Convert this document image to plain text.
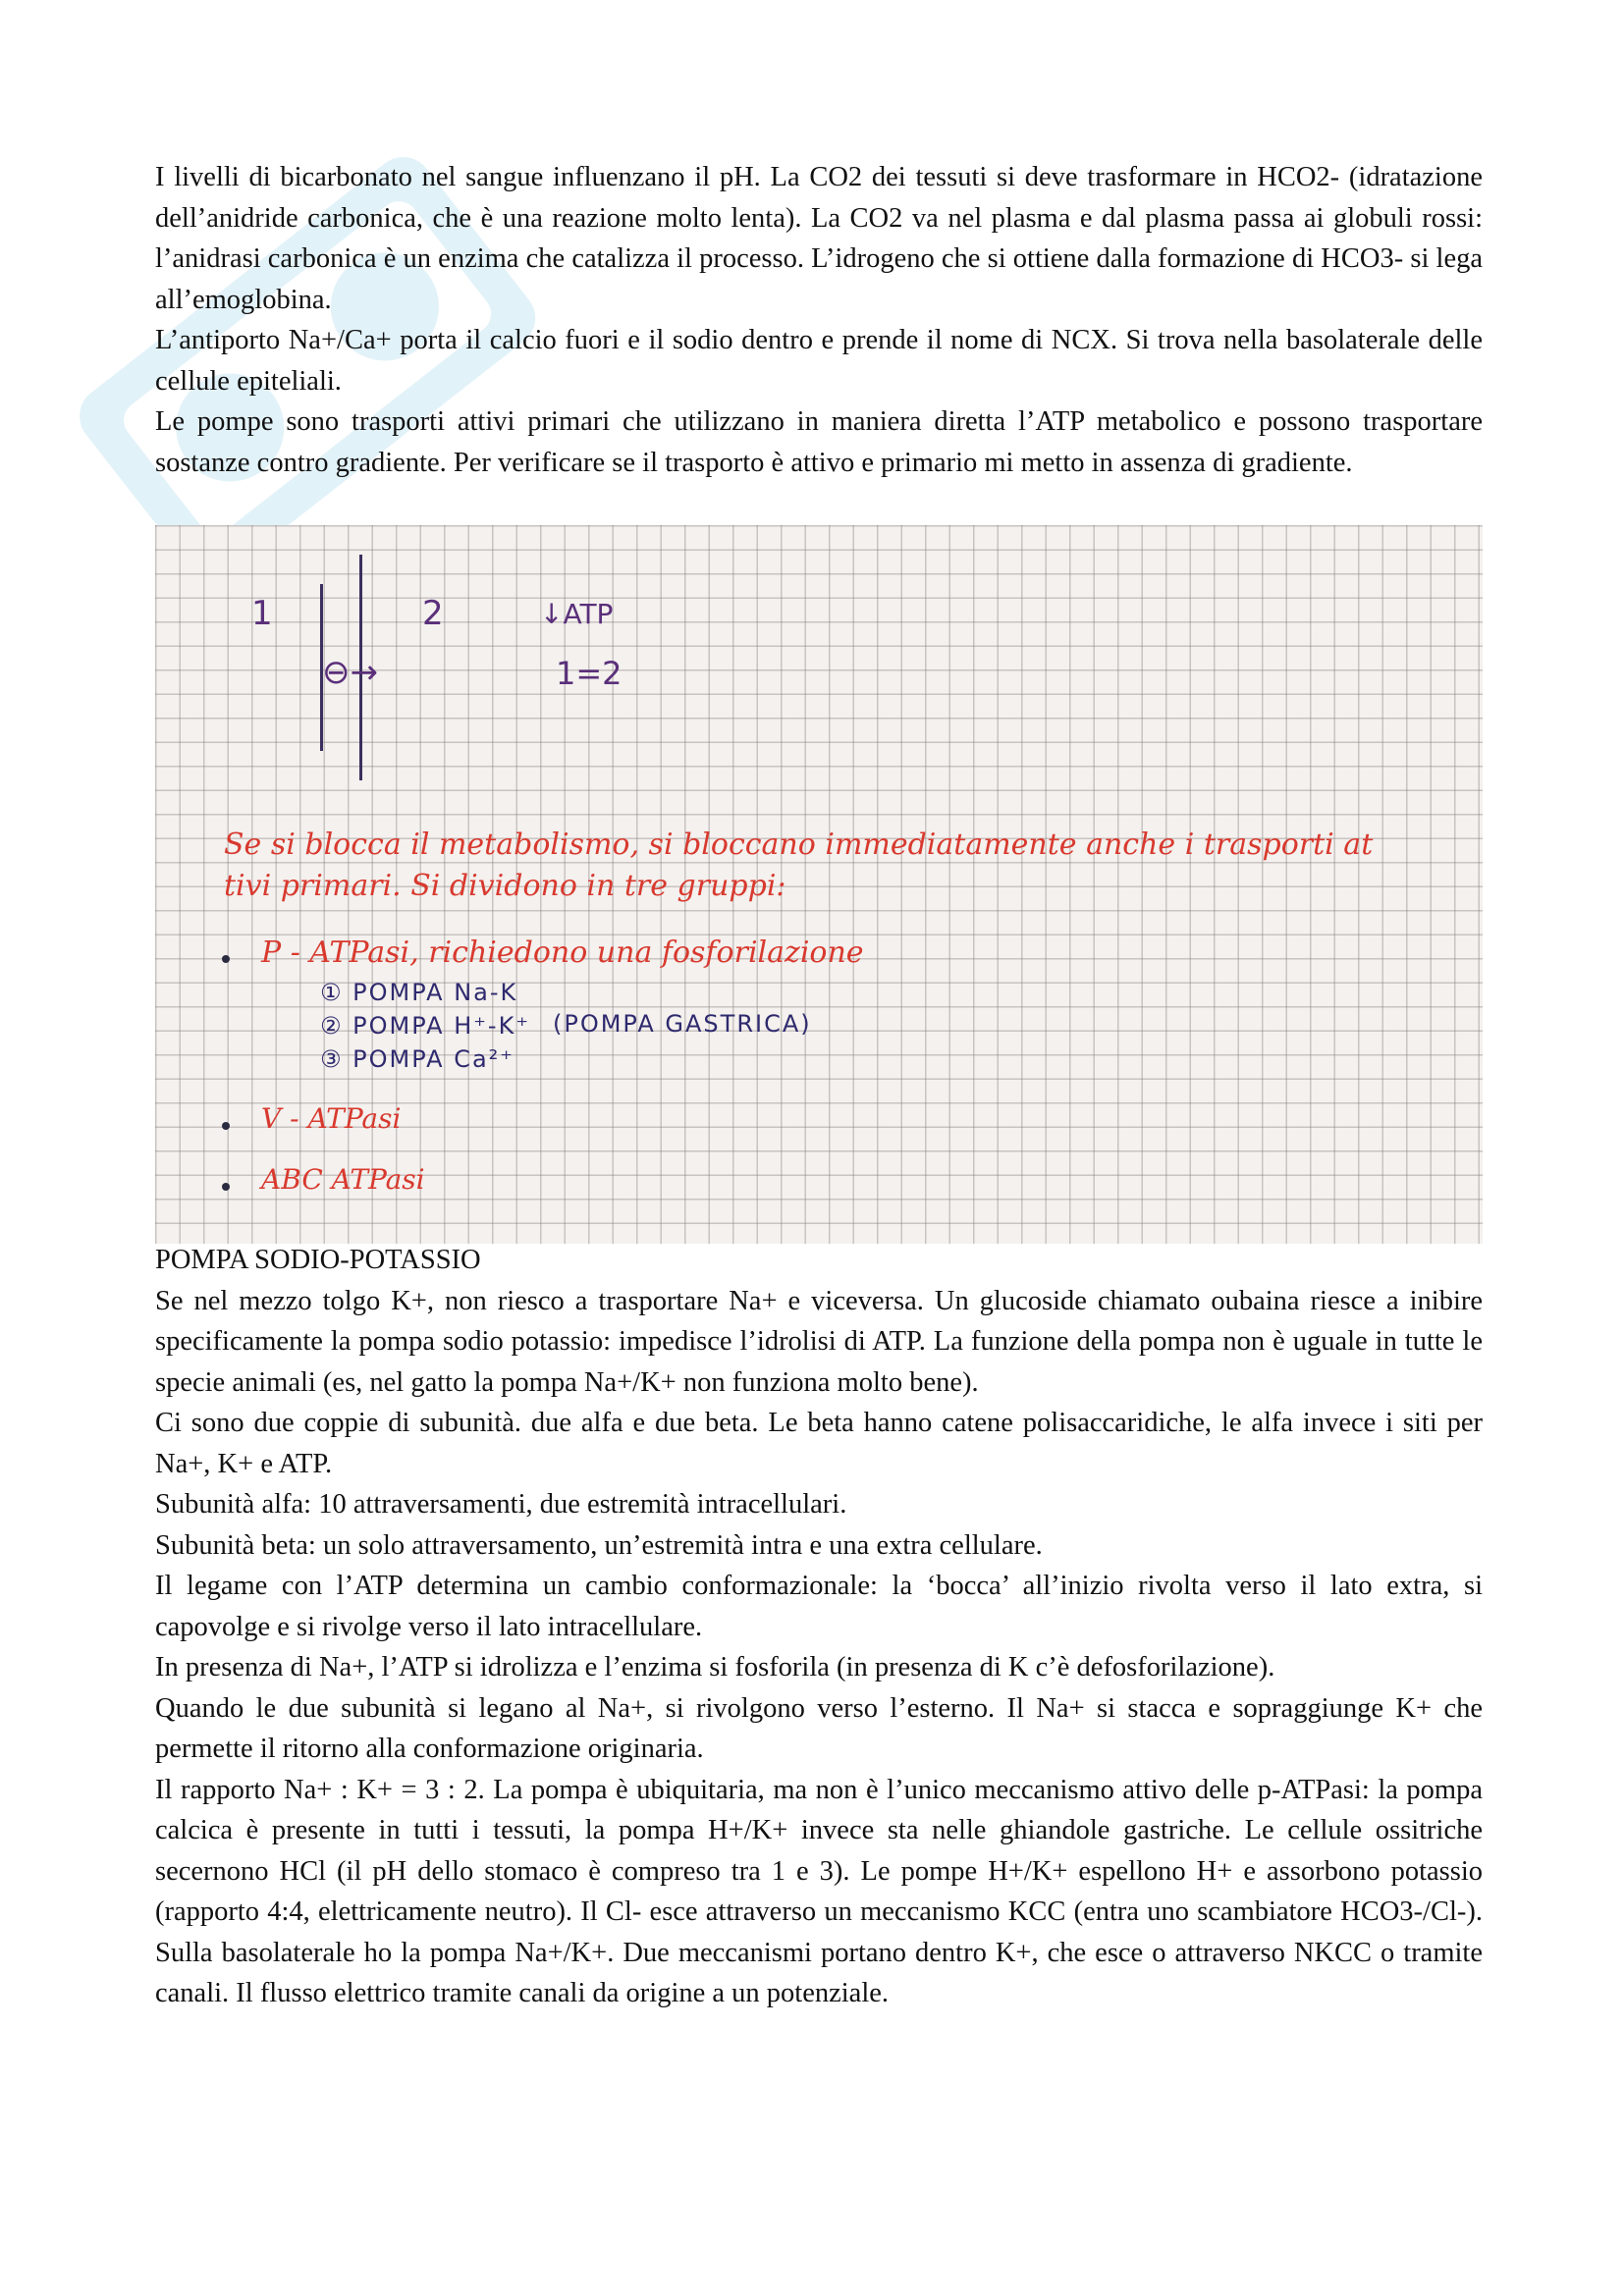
I livelli di bicarbonato nel sangue influenzano il pH. La CO2 dei tessuti si deve trasformare in HCO2- (idratazione dell’anidride carbonica, che è una reazione molto lenta). La CO2 va nel plasma e dal plasma passa ai globuli rossi: l’anidrasi carbonica è un enzima che catalizza il processo. L’idrogeno che si ottiene dalla formazione di HCO3- si lega all’emoglobina.

L’antiporto Na+/Ca+ porta il calcio fuori e il sodio dentro e prende il nome di NCX. Si trova nella basolaterale delle cellule epiteliali.

Le pompe sono trasporti attivi primari che utilizzano in maniera diretta l’ATP metabolico e possono trasportare sostanze contro gradiente. Per verificare se il trasporto è attivo e primario mi metto in assenza di gradiente.

1	2	↓ATP
1=2
⊖→
Se si blocca il metabolismo, si bloccano immediatamente anche i trasporti at
tivi primari. Si dividono in tre gruppi:
P - ATPasi, richiedono una fosforilazione
① POMPA Na-K
② POMPA H⁺-K⁺ (POMPA GASTRICA)
③ POMPA Ca²⁺
V - ATPasi
ABC ATPasi

POMPA SODIO-POTASSIO

Se nel mezzo tolgo K+, non riesco a trasportare Na+ e viceversa. Un glucoside chiamato oubaina riesce a inibire specificamente la pompa sodio potassio: impedisce l’idrolisi di ATP. La funzione della pompa non è uguale in tutte le specie animali (es, nel gatto la pompa Na+/K+ non funziona molto bene).

Ci sono due coppie di subunità. due alfa e due beta. Le beta hanno catene polisaccaridiche, le alfa invece i siti per Na+, K+ e ATP.

Subunità alfa: 10 attraversamenti, due estremità intracellulari.

Subunità beta: un solo attraversamento, un’estremità intra e una extra cellulare.

Il legame con l’ATP determina un cambio conformazionale: la ‘bocca’ all’inizio rivolta verso il lato extra, si capovolge e si rivolge verso il lato intracellulare.

In presenza di Na+, l’ATP si idrolizza e l’enzima si fosforila (in presenza di K c’è defosforilazione).

Quando le due subunità si legano al Na+, si rivolgono verso l’esterno. Il Na+ si stacca e sopraggiunge K+ che permette il ritorno alla conformazione originaria.

Il rapporto Na+ : K+ = 3 : 2. La pompa è ubiquitaria, ma non è l’unico meccanismo attivo delle p-ATPasi: la pompa calcica è presente in tutti i tessuti, la pompa H+/K+ invece sta nelle ghiandole gastriche. Le cellule ossitriche secernono HCl (il pH dello stomaco è compreso tra 1 e 3). Le pompe H+/K+ espellono H+ e assorbono potassio (rapporto 4:4, elettricamente neutro). Il Cl- esce attraverso un meccanismo KCC (entra uno scambiatore HCO3-/Cl-). Sulla basolaterale ho la pompa Na+/K+. Due meccanismi portano dentro K+, che esce o attraverso NKCC o tramite canali. Il flusso elettrico tramite canali da origine a un potenziale.
